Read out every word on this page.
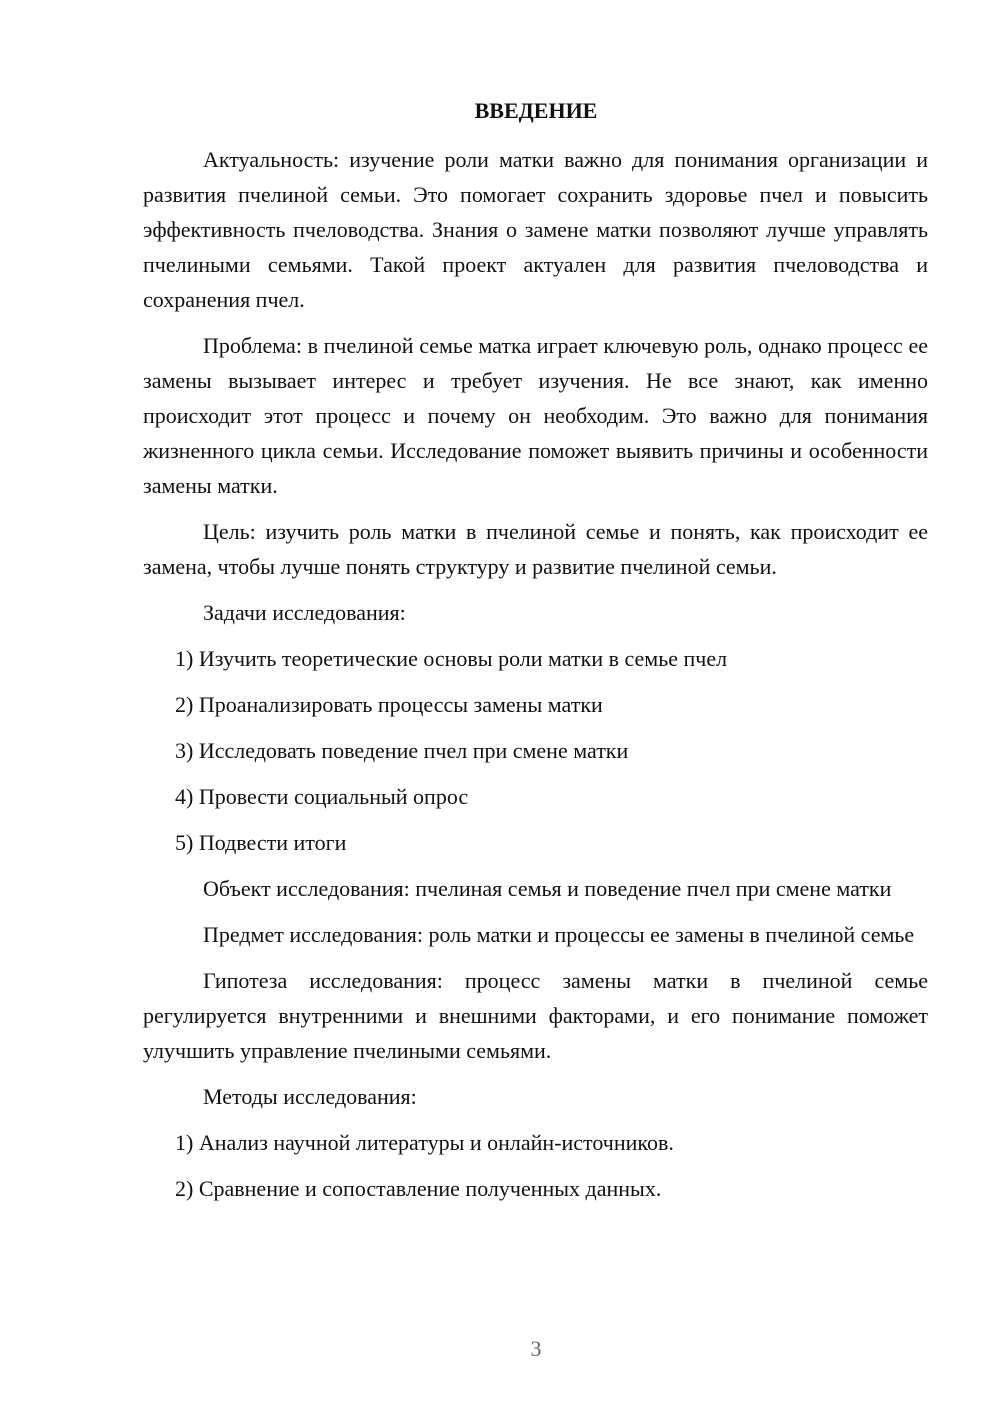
ВВЕДЕНИЕ

Актуальность: изучение роли матки важно для понимания организации и развития пчелиной семьи. Это помогает сохранить здоровье пчел и повысить эффективность пчеловодства. Знания о замене матки позволяют лучше управлять пчелиными семьями. Такой проект актуален для развития пчеловодства и сохранения пчел.

Проблема: в пчелиной семье матка играет ключевую роль, однако процесс ее замены вызывает интерес и требует изучения. Не все знают, как именно происходит этот процесс и почему он необходим. Это важно для понимания жизненного цикла семьи. Исследование поможет выявить причины и особенности замены матки.

Цель: изучить роль матки в пчелиной семье и понять, как происходит ее замена, чтобы лучше понять структуру и развитие пчелиной семьи.

Задачи исследования:

1) Изучить теоретические основы роли матки в семье пчел
2) Проанализировать процессы замены матки
3) Исследовать поведение пчел при смене матки
4) Провести социальный опрос
5) Подвести итоги

Объект исследования: пчелиная семья и поведение пчел при смене матки

Предмет исследования: роль матки и процессы ее замены в пчелиной семье

Гипотеза исследования: процесс замены матки в пчелиной семье регулируется внутренними и внешними факторами, и его понимание поможет улучшить управление пчелиными семьями.

Методы исследования:

1) Анализ научной литературы и онлайн-источников.
2) Сравнение и сопоставление полученных данных.
3
